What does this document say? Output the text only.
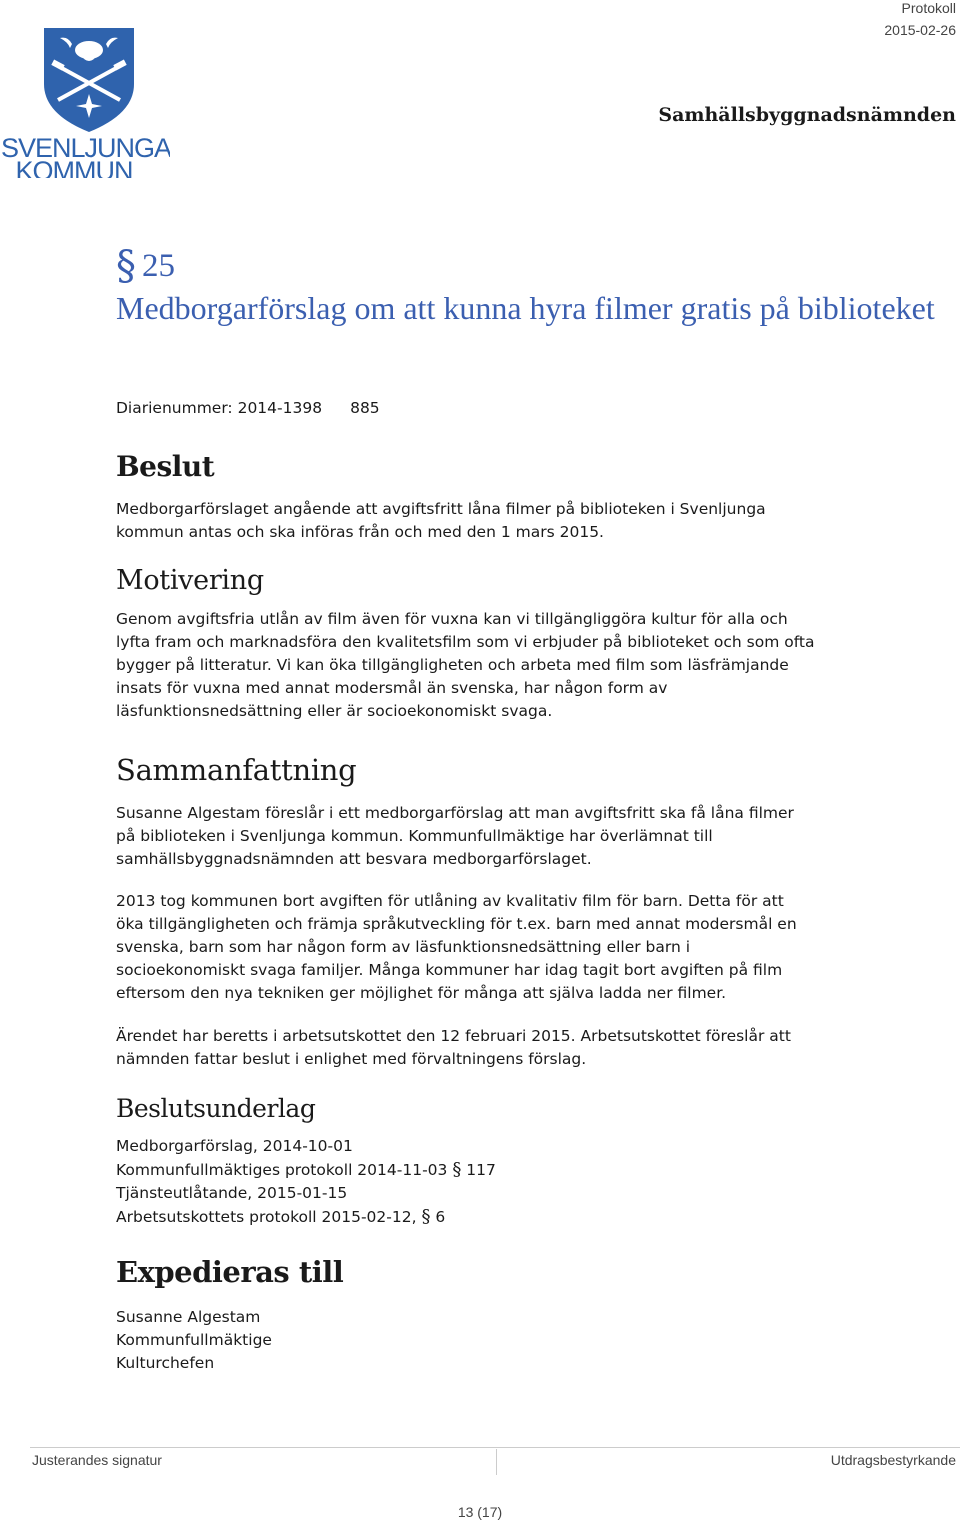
SVENLJUNGA
KOMMUN
Protokoll
2015-02-26
Samhällsbyggnadsnämnden
§ 25
Medborgarförslag om att kunna hyra filmer gratis på biblioteket
Diarienummer: 2014-1398 885
Beslut
Medborgarförslaget angående att avgiftsfritt låna filmer på biblioteken i Svenljunga
kommun antas och ska införas från och med den 1 mars 2015.
Motivering
Genom avgiftsfria utlån av film även för vuxna kan vi tillgängliggöra kultur för alla och
lyfta fram och marknadsföra den kvalitetsfilm som vi erbjuder på biblioteket och som ofta
bygger på litteratur. Vi kan öka tillgängligheten och arbeta med film som läsfrämjande
insats för vuxna med annat modersmål än svenska, har någon form av
läsfunktionsnedsättning eller är socioekonomiskt svaga.
Sammanfattning
Susanne Algestam föreslår i ett medborgarförslag att man avgiftsfritt ska få låna filmer
på biblioteken i Svenljunga kommun. Kommunfullmäktige har överlämnat till
samhällsbyggnadsnämnden att besvara medborgarförslaget.
2013 tog kommunen bort avgiften för utlåning av kvalitativ film för barn. Detta för att
öka tillgängligheten och främja språkutveckling för t.ex. barn med annat modersmål en
svenska, barn som har någon form av läsfunktionsnedsättning eller barn i
socioekonomiskt svaga familjer. Många kommuner har idag tagit bort avgiften på film
eftersom den nya tekniken ger möjlighet för många att själva ladda ner filmer.
Ärendet har beretts i arbetsutskottet den 12 februari 2015. Arbetsutskottet föreslår att
nämnden fattar beslut i enlighet med förvaltningens förslag.
Beslutsunderlag
Medborgarförslag, 2014-10-01
Kommunfullmäktiges protokoll 2014-11-03 § 117
Tjänsteutlåtande, 2015-01-15
Arbetsutskottets protokoll 2015-02-12, § 6
Expedieras till
Susanne Algestam
Kommunfullmäktige
Kulturchefen
Justerandes signatur	Utdragsbestyrkande
13 (17)
